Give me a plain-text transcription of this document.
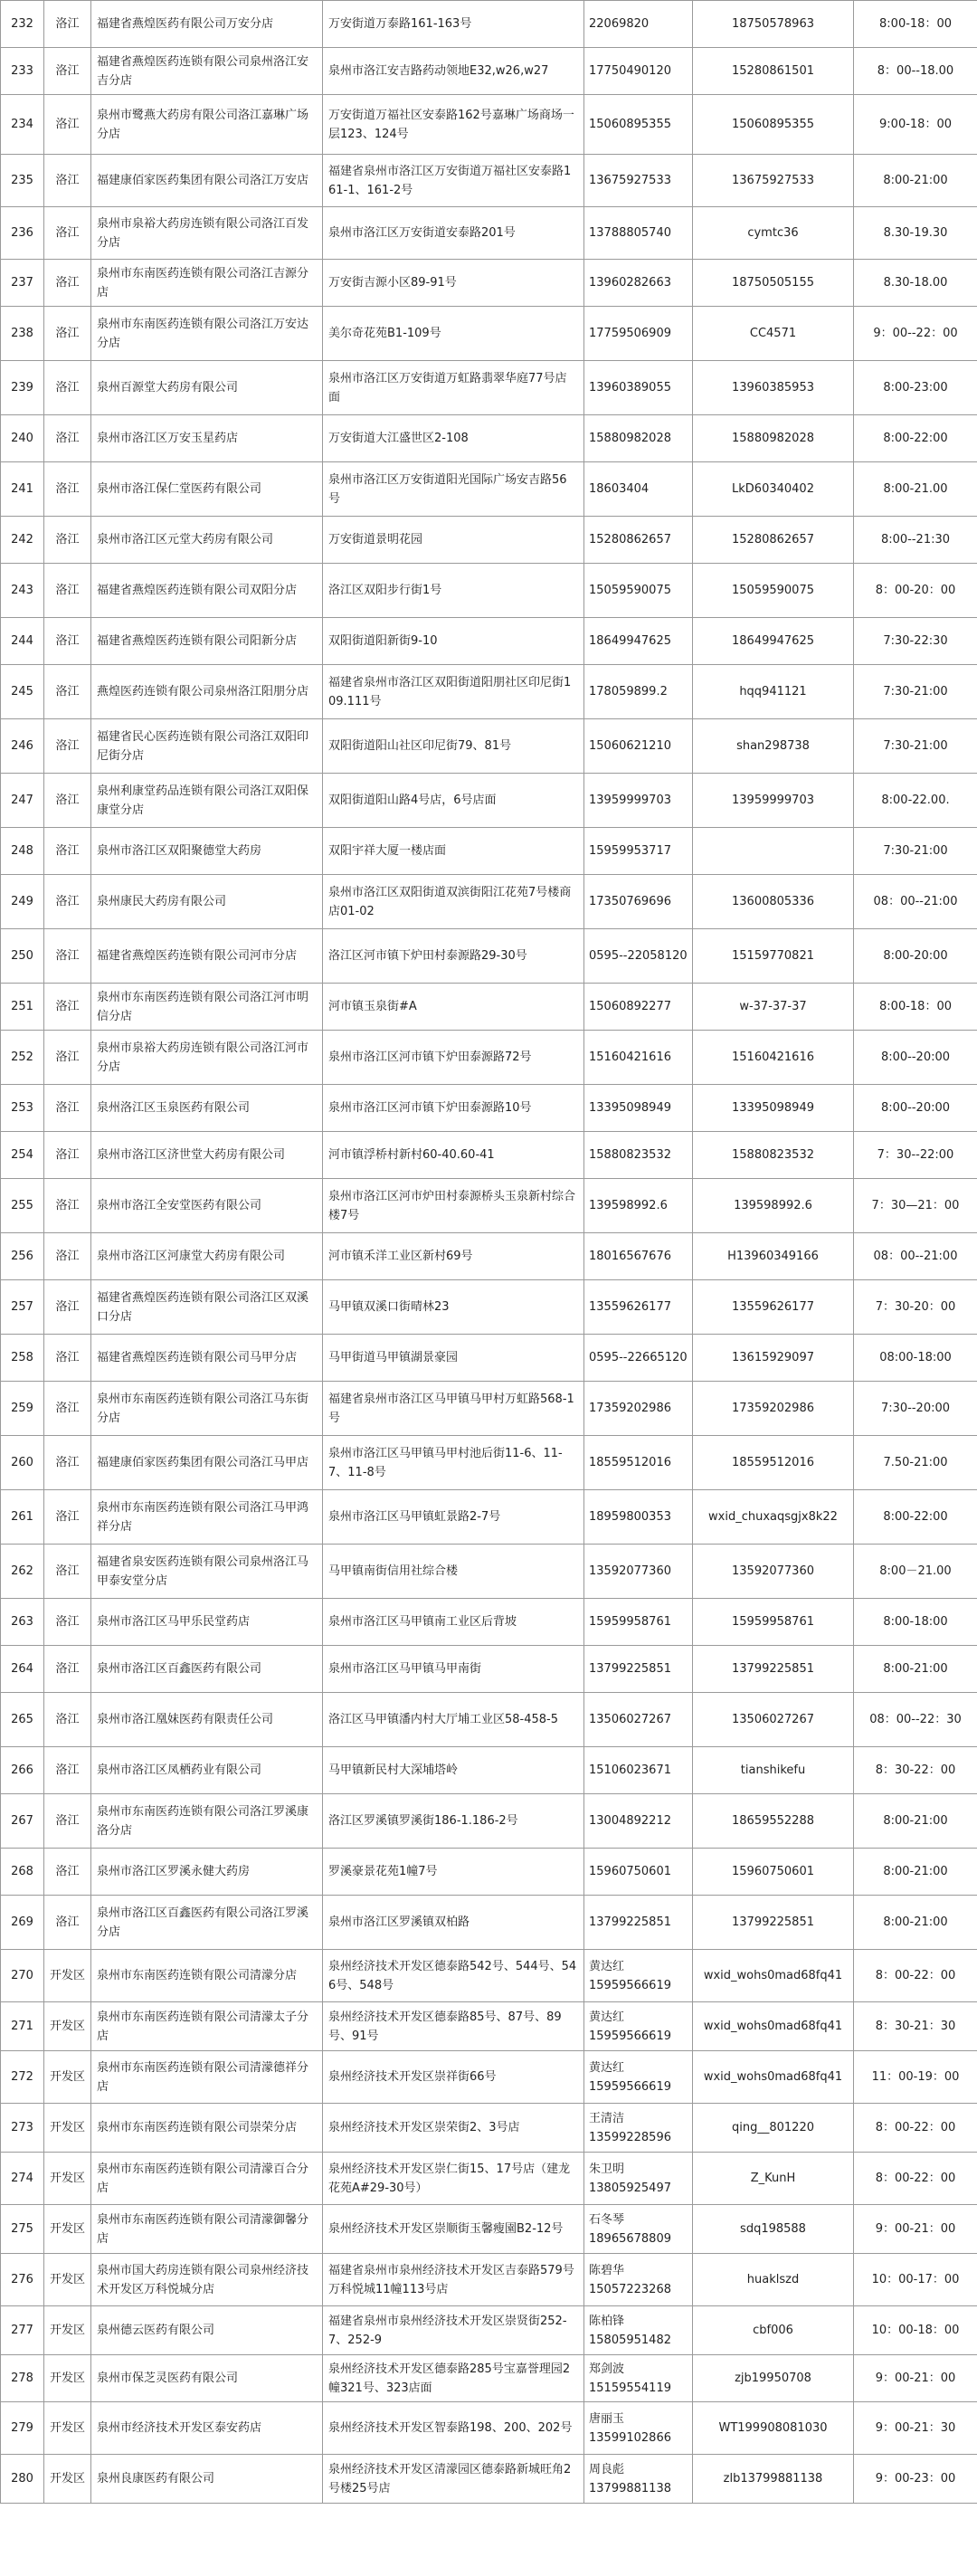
232	洛江	福建省燕煌医药有限公司万安分店	万安街道万泰路161-163号	22069820	18750578963	8:00-18：00
233	洛江	福建省燕煌医药连锁有限公司泉州洛江安吉分店	泉州市洛江安吉路药动领地E32,w26,w27	17750490120	15280861501	8：00--18.00
234	洛江	泉州市鹭燕大药房有限公司洛江嘉琳广场分店	万安街道万福社区安泰路162号嘉琳广场商场一层123、124号	15060895355	15060895355	9:00-18：00
235	洛江	福建康佰家医药集团有限公司洛江万安店	福建省泉州市洛江区万安街道万福社区安泰路161-1、161-2号	13675927533	13675927533	8:00-21:00
236	洛江	泉州市泉裕大药房连锁有限公司洛江百发分店	泉州市洛江区万安街道安泰路201号	13788805740	cymtc36	8.30-19.30
237	洛江	泉州市东南医药连锁有限公司洛江吉源分店	万安街吉源小区89-91号	13960282663	18750505155	8.30-18.00
238	洛江	泉州市东南医药连锁有限公司洛江万安达分店	美尔奇花苑B1-109号	17759506909	CC4571	9：00--22：00
239	洛江	泉州百源堂大药房有限公司	泉州市洛江区万安街道万虹路翡翠华庭77号店面	13960389055	13960385953	8:00-23:00
240	洛江	泉州市洛江区万安玉星药店	万安街道大江盛世区2-108	15880982028	15880982028	8:00-22:00
241	洛江	泉州市洛江保仁堂医药有限公司	泉州市洛江区万安街道阳光国际广场安吉路56号	18603404	LkD60340402	8:00-21.00
242	洛江	泉州市洛江区元堂大药房有限公司	万安街道景明花园	15280862657	15280862657	8:00--21:30
243	洛江	福建省燕煌医药连锁有限公司双阳分店	洛江区双阳步行街1号	15059590075	15059590075	8：00-20：00
244	洛江	福建省燕煌医药连锁有限公司阳新分店	双阳街道阳新街9-10	18649947625	18649947625	7:30-22:30
245	洛江	燕煌医药连锁有限公司泉州洛江阳朋分店	福建省泉州市洛江区双阳街道阳朋社区印尼街109.111号	178059899.2	hqq941121	7:30-21:00
246	洛江	福建省民心医药连锁有限公司洛江双阳印尼街分店	双阳街道阳山社区印尼街79、81号	15060621210	shan298738	7:30-21:00
247	洛江	泉州利康堂药品连锁有限公司洛江双阳保康堂分店	双阳街道阳山路4号店，6号店面	13959999703	13959999703	8:00-22.00.
248	洛江	泉州市洛江区双阳聚德堂大药房	双阳宇祥大厦一楼店面	15959953717		7:30-21:00
249	洛江	泉州康民大药房有限公司	泉州市洛江区双阳街道双滨街阳江花苑7号楼商店01-02	17350769696	13600805336	08：00--21:00
250	洛江	福建省燕煌医药连锁有限公司河市分店	洛江区河市镇下炉田村泰源路29-30号	0595--22058120	15159770821	8:00-20:00
251	洛江	泉州市东南医药连锁有限公司洛江河市明信分店	河市镇玉泉街#A	15060892277	w-37-37-37	8:00-18：00
252	洛江	泉州市泉裕大药房连锁有限公司洛江河市分店	泉州市洛江区河市镇下炉田泰源路72号	15160421616	15160421616	8:00--20:00
253	洛江	泉州洛江区玉泉医药有限公司	泉州市洛江区河市镇下炉田泰源路10号	13395098949	13395098949	8:00--20:00
254	洛江	泉州市洛江区济世堂大药房有限公司	河市镇浮桥村新村60-40.60-41	15880823532	15880823532	7：30--22:00
255	洛江	泉州市洛江全安堂医药有限公司	泉州市洛江区河市炉田村泰源桥头玉泉新村综合楼7号	139598992.6	139598992.6	7：30—21：00
256	洛江	泉州市洛江区河康堂大药房有限公司	河市镇禾洋工业区新村69号	18016567676	H13960349166	08：00--21:00
257	洛江	福建省燕煌医药连锁有限公司洛江区双溪口分店	马甲镇双溪口街晴林23	13559626177	13559626177	7：30-20：00
258	洛江	福建省燕煌医药连锁有限公司马甲分店	马甲街道马甲镇湖景豪园	0595--22665120	13615929097	08:00-18:00
259	洛江	泉州市东南医药连锁有限公司洛江马东街分店	福建省泉州市洛江区马甲镇马甲村万虹路568-1号	17359202986	17359202986	7:30--20:00
260	洛江	福建康佰家医药集团有限公司洛江马甲店	泉州市洛江区马甲镇马甲村池后街11-6、11-7、11-8号	18559512016	18559512016	7.50-21:00
261	洛江	泉州市东南医药连锁有限公司洛江马甲鸿祥分店	泉州市洛江区马甲镇虹景路2-7号	18959800353	wxid_chuxaqsgjx8k22	8:00-22:00
262	洛江	福建省泉安医药连锁有限公司泉州洛江马甲泰安堂分店	马甲镇南街信用社综合楼	13592077360	13592077360	8:00－21.00
263	洛江	泉州市洛江区马甲乐民堂药店	泉州市洛江区马甲镇南工业区后背坡	15959958761	15959958761	8:00-18:00
264	洛江	泉州市洛江区百鑫医药有限公司	泉州市洛江区马甲镇马甲南街	13799225851	13799225851	8:00-21:00
265	洛江	泉州市洛江凰妹医药有限责任公司	洛江区马甲镇潘内村大厅埔工业区58-458-5	13506027267	13506027267	08：00--22：30
266	洛江	泉州市洛江区凤栖药业有限公司	马甲镇新民村大深埔塔岭	15106023671	tianshikefu	8：30-22：00
267	洛江	泉州市东南医药连锁有限公司洛江罗溪康洛分店	洛江区罗溪镇罗溪街186-1.186-2号	13004892212	18659552288	8:00-21:00
268	洛江	泉州市洛江区罗溪永健大药房	罗溪豪景花苑1幢7号	15960750601	15960750601	8:00-21:00
269	洛江	泉州市洛江区百鑫医药有限公司洛江罗溪分店	泉州市洛江区罗溪镇双柏路	13799225851	13799225851	8:00-21:00
270	开发区	泉州市东南医药连锁有限公司清濛分店	泉州经济技术开发区德泰路542号、544号、546号、548号	黄达红
15959566619	wxid_wohs0mad68fq41	8：00-22：00
271	开发区	泉州市东南医药连锁有限公司清濛太子分店	泉州经济技术开发区德泰路85号、87号、89号、91号	黄达红
15959566619	wxid_wohs0mad68fq41	8：30-21：30
272	开发区	泉州市东南医药连锁有限公司清濛德祥分店	泉州经济技术开发区崇祥街66号	黄达红
15959566619	wxid_wohs0mad68fq41	11：00-19：00
273	开发区	泉州市东南医药连锁有限公司崇荣分店	泉州经济技术开发区崇荣街2、3号店	王清洁
13599228596	qing__801220	8：00-22：00
274	开发区	泉州市东南医药连锁有限公司清濛百合分店	泉州经济技术开发区崇仁街15、17号店（建龙花苑A#29-30号）	朱卫明
13805925497	Z_KunH	8：00-22：00
275	开发区	泉州市东南医药连锁有限公司清濛御馨分店	泉州经济技术开发区崇顺街玉馨瘦園B2-12号	石冬琴
18965678809	sdq198588	9：00-21：00
276	开发区	泉州市国大药房连锁有限公司泉州经济技术开发区万科悦城分店	福建省泉州市泉州经济技术开发区吉泰路579号万科悦城11幢113号店	陈碧华
15057223268	huaklszd	10：00-17：00
277	开发区	泉州德云医药有限公司	福建省泉州市泉州经济技术开发区崇贤街252-7、252-9	陈柏锋
15805951482	cbf006	10：00-18：00
278	开发区	泉州市保芝灵医药有限公司	泉州经济技术开发区德泰路285号宝嘉誉理园2幢321号、323店面	郑剑波
15159554119	zjb19950708	9：00-21：00
279	开发区	泉州市经济技术开发区泰安药店	泉州经济技术开发区智泰路198、200、202号	唐丽玉
13599102866	WT199908081030	9：00-21：30
280	开发区	泉州良康医药有限公司	泉州经济技术开发区清濛园区德泰路新城旺角2号楼25号店	周良彪
13799881138	zlb13799881138	9：00-23：00
